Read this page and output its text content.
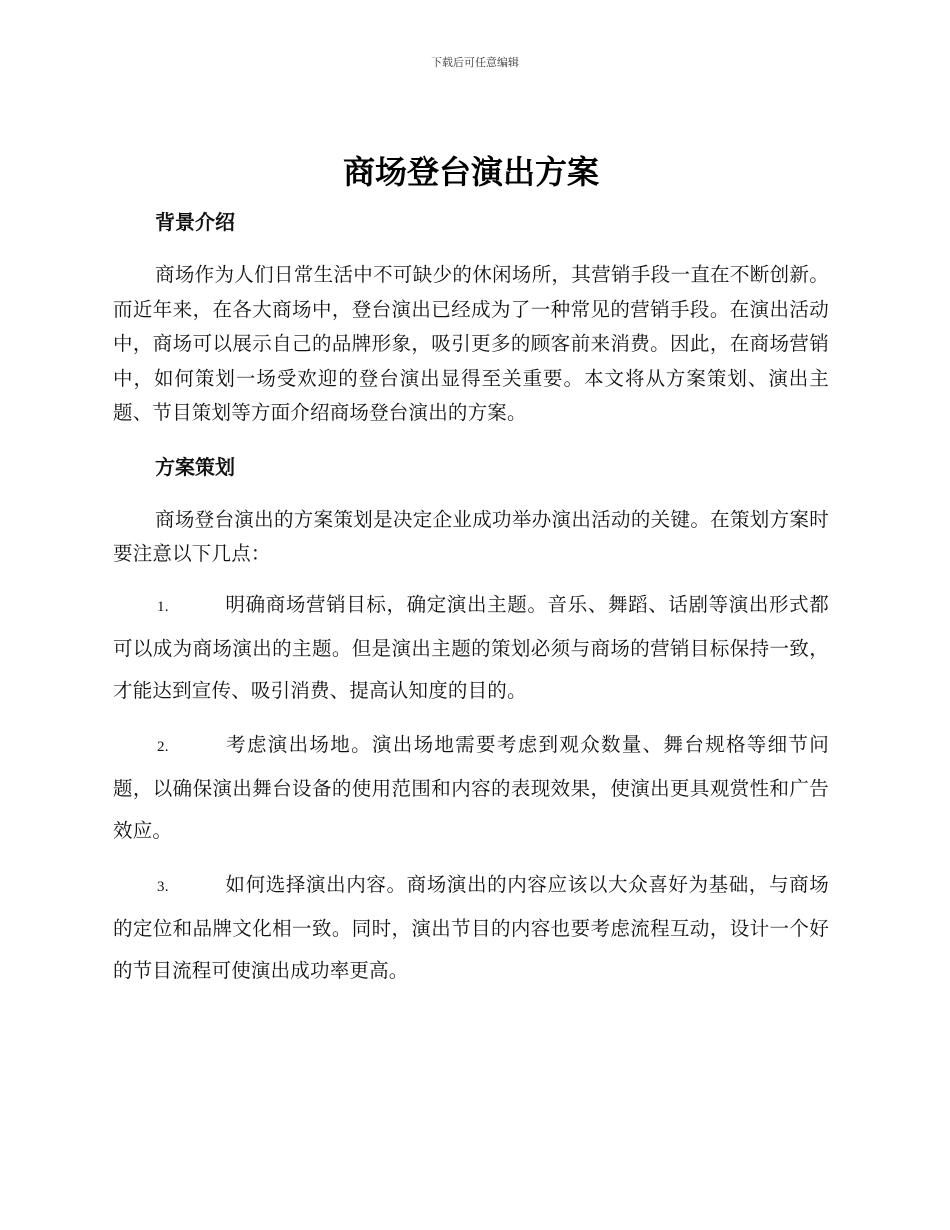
下载后可任意编辑
商场登台演出方案
背景介绍

商场作为人们日常生活中不可缺少的休闲场所，其营销手段一直在不断创新。而近年来，在各大商场中，登台演出已经成为了一种常见的营销手段。在演出活动中，商场可以展示自己的品牌形象，吸引更多的顾客前来消费。因此，在商场营销中，如何策划一场受欢迎的登台演出显得至关重要。本文将从方案策划、演出主题、节目策划等方面介绍商场登台演出的方案。

方案策划

商场登台演出的方案策划是决定企业成功举办演出活动的关键。在策划方案时要注意以下几点：

1.	明确商场营销目标，确定演出主题。音乐、舞蹈、话剧等演出形式都可以成为商场演出的主题。但是演出主题的策划必须与商场的营销目标保持一致，才能达到宣传、吸引消费、提高认知度的目的。

2.	考虑演出场地。演出场地需要考虑到观众数量、舞台规格等细节问题，以确保演出舞台设备的使用范围和内容的表现效果，使演出更具观赏性和广告效应。

3.	如何选择演出内容。商场演出的内容应该以大众喜好为基础，与商场的定位和品牌文化相一致。同时，演出节目的内容也要考虑流程互动，设计一个好的节目流程可使演出成功率更高。
